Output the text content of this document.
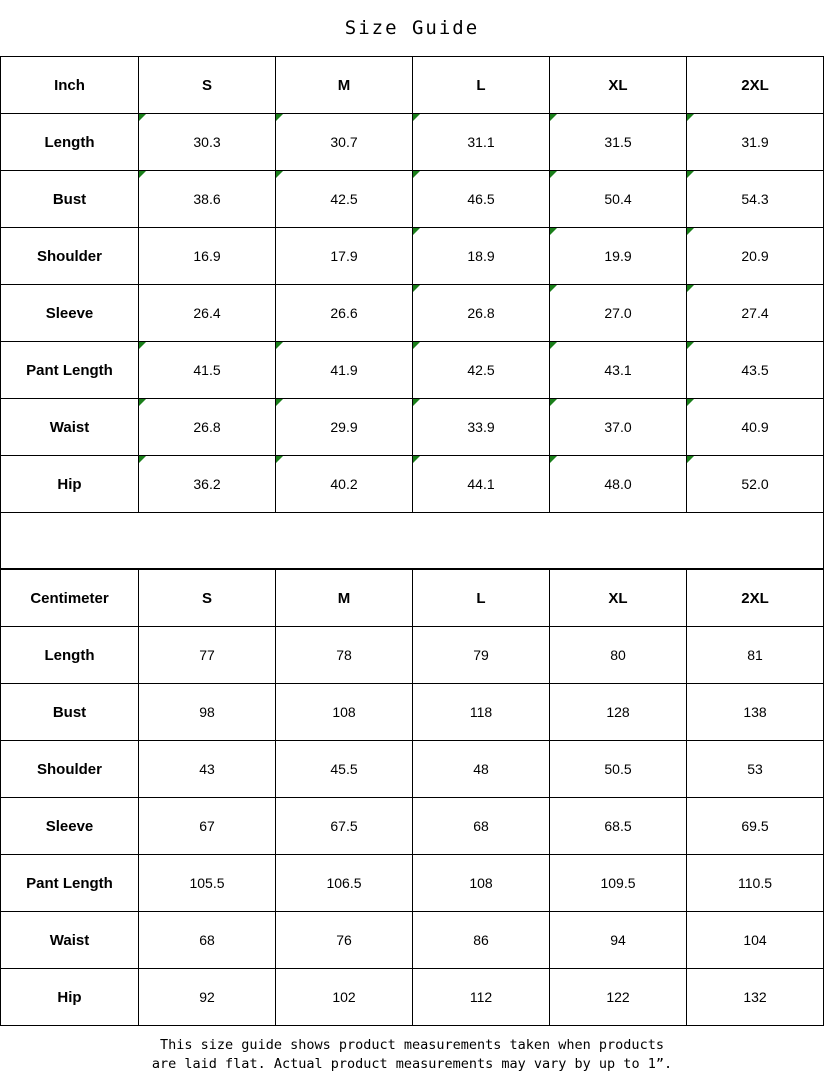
Size Guide
Inch	S	M	L	XL	2XL
Length	30.3	30.7	31.1	31.5	31.9
Bust	38.6	42.5	46.5	50.4	54.3
Shoulder	16.9	17.9	18.9	19.9	20.9
Sleeve	26.4	26.6	26.8	27.0	27.4
Pant Length	41.5	41.9	42.5	43.1	43.5
Waist	26.8	29.9	33.9	37.0	40.9
Hip	36.2	40.2	44.1	48.0	52.0
Centimeter	S	M	L	XL	2XL
Length	77	78	79	80	81
Bust	98	108	118	128	138
Shoulder	43	45.5	48	50.5	53
Sleeve	67	67.5	68	68.5	69.5
Pant Length	105.5	106.5	108	109.5	110.5
Waist	68	76	86	94	104
Hip	92	102	112	122	132
This size guide shows product measurements taken when products
are laid flat. Actual product measurements may vary by up to 1”.
